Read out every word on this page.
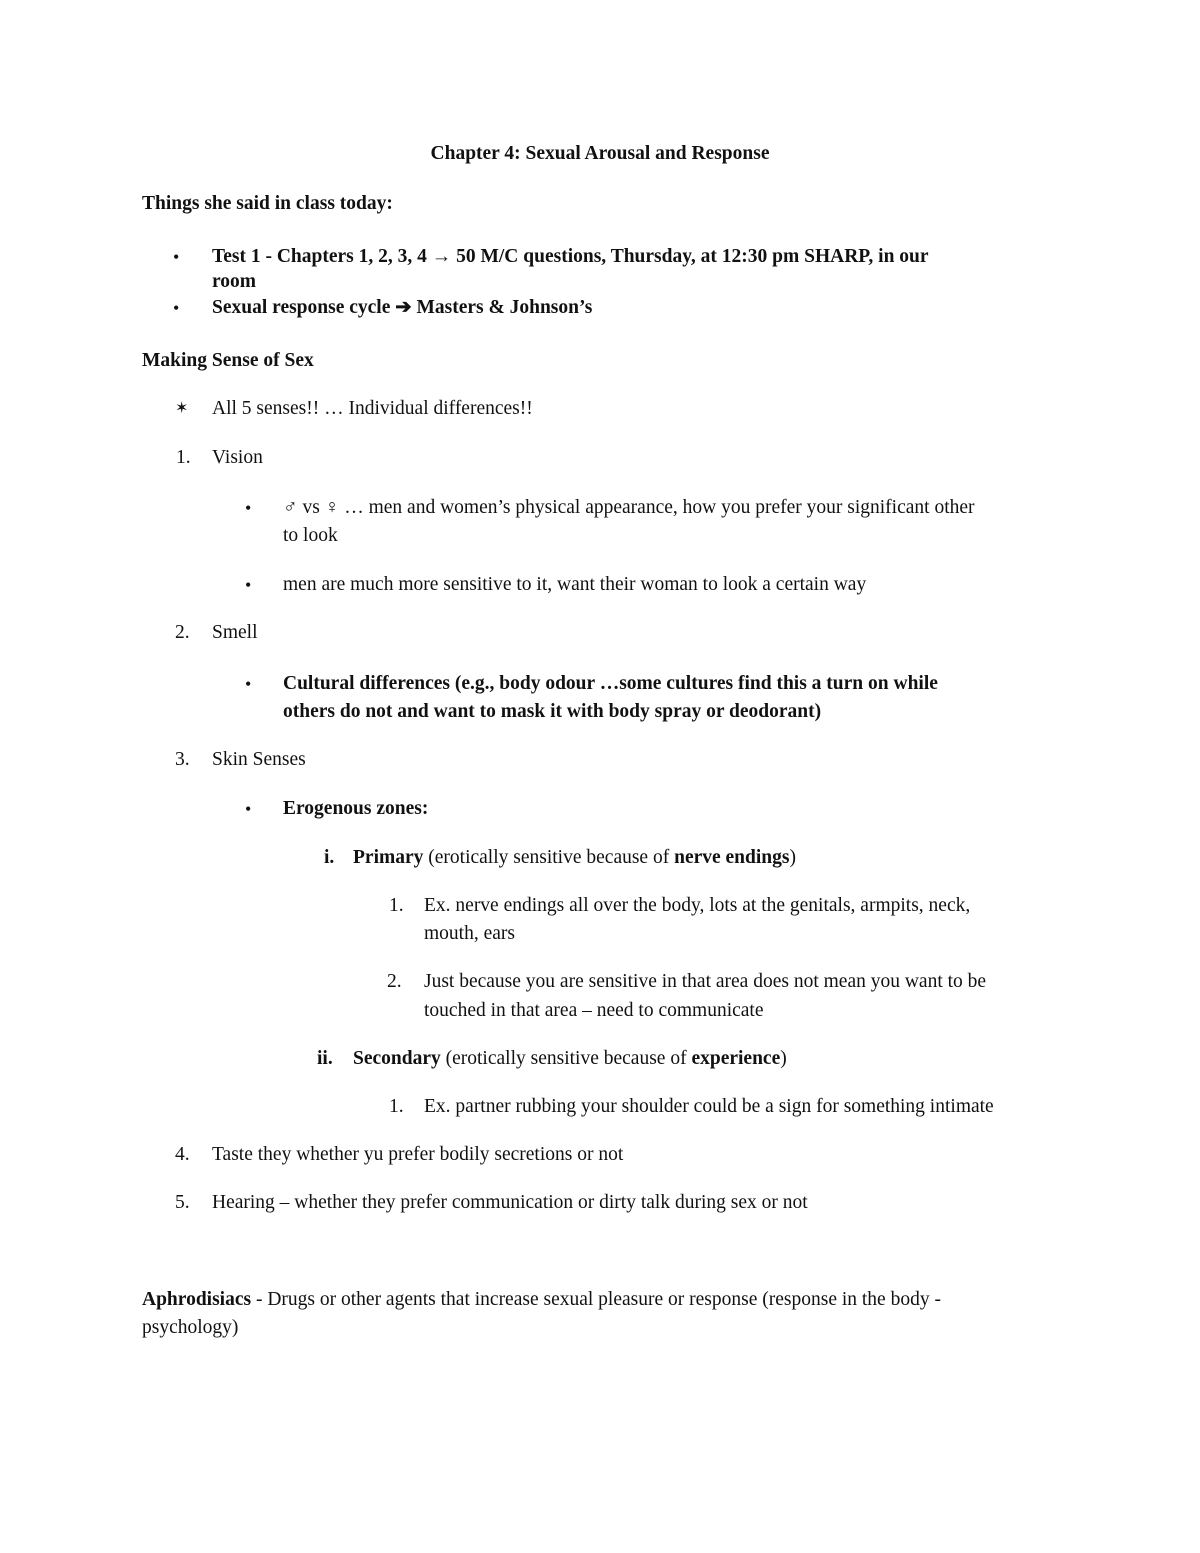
Chapter 4: Sexual Arousal and Response
Things she said in class today:
• Test 1 - Chapters 1, 2, 3, 4 → 50 M/C questions, Thursday, at 12:30 pm SHARP, in our
room
• Sexual response cycle ➔ Masters & Johnson’s
Making Sense of Sex
✶ All 5 senses!! … Individual differences!!
1. Vision
• ♂ vs ♀ … men and women’s physical appearance, how you prefer your significant other
to look
• men are much more sensitive to it, want their woman to look a certain way
2. Smell
• Cultural differences (e.g., body odour …some cultures find this a turn on while
others do not and want to mask it with body spray or deodorant)
3. Skin Senses
• Erogenous zones:
i. Primary (erotically sensitive because of nerve endings)
1. Ex. nerve endings all over the body, lots at the genitals, armpits, neck,
mouth, ears
2. Just because you are sensitive in that area does not mean you want to be
touched in that area – need to communicate
ii. Secondary (erotically sensitive because of experience)
1. Ex. partner rubbing your shoulder could be a sign for something intimate
4. Taste they whether yu prefer bodily secretions or not
5. Hearing – whether they prefer communication or dirty talk during sex or not
Aphrodisiacs - Drugs or other agents that increase sexual pleasure or response (response in the body -
psychology)
